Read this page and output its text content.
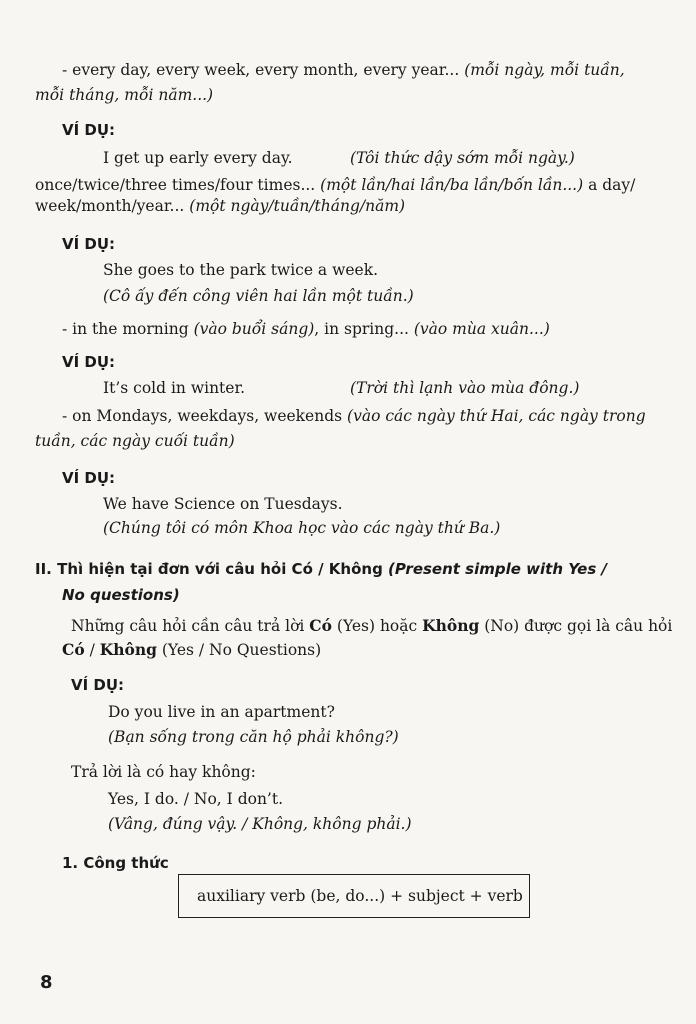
- every day, every week, every month, every year... (mỗi ngày, mỗi tuần,
mỗi tháng, mỗi năm...)
VÍ DỤ:
I get up early every day.	(Tôi thức dậy sớm mỗi ngày.)
once/twice/three times/four times... (một lần/hai lần/ba lần/bốn lần...) a day/
week/month/year... (một ngày/tuần/tháng/năm)
VÍ DỤ:
She goes to the park twice a week.
(Cô ấy đến công viên hai lần một tuần.)
- in the morning (vào buổi sáng), in spring... (vào mùa xuân...)
VÍ DỤ:
It’s cold in winter.	(Trời thì lạnh vào mùa đông.)
- on Mondays, weekdays, weekends (vào các ngày thứ Hai, các ngày trong
tuần, các ngày cuối tuần)
VÍ DỤ:
We have Science on Tuesdays.
(Chúng tôi có môn Khoa học vào các ngày thứ Ba.)
II. Thì hiện tại đơn với câu hỏi Có / Không (Present simple with Yes /
No questions)
Những câu hỏi cần câu trả lời Có (Yes) hoặc Không (No) được gọi là câu hỏi
Có / Không (Yes / No Questions)
VÍ DỤ:
Do you live in an apartment?
(Bạn sống trong căn hộ phải không?)
Trả lời là có hay không:
Yes, I do. / No, I don’t.
(Vâng, đúng vậy. / Không, không phải.)
1. Công thức
auxiliary verb (be, do...) + subject + verb
8
